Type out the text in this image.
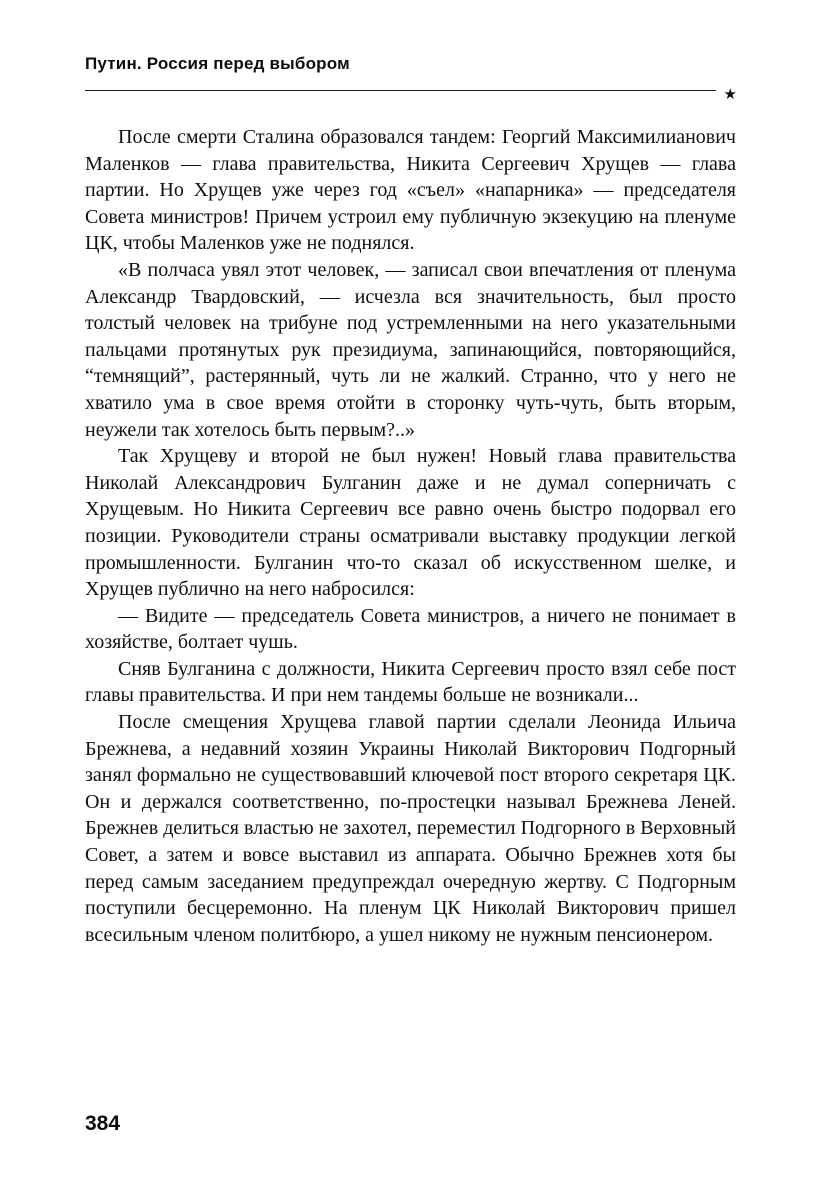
Путин. Россия перед выбором
★

После смерти Сталина образовался тандем: Георгий Максимилианович Маленков — глава правительства, Никита Сергеевич Хрущев — глава партии. Но Хрущев уже через год «съел» «напарника» — председателя Совета министров! Причем устроил ему публичную экзекуцию на пленуме ЦК, чтобы Маленков уже не поднялся.

«В полчаса увял этот человек, — записал свои впечатления от пленума Александр Твардовский, — исчезла вся значительность, был просто толстый человек на трибуне под устремленными на него указательными пальцами протянутых рук президиума, запинающийся, повторяющийся, “темнящий”, растерянный, чуть ли не жалкий. Странно, что у него не хватило ума в свое время отойти в сторонку чуть-чуть, быть вторым, неужели так хотелось быть первым?..»

Так Хрущеву и второй не был нужен! Новый глава правительства Николай Александрович Булганин даже и не думал соперничать с Хрущевым. Но Никита Сергеевич все равно очень быстро подорвал его позиции. Руководители страны осматривали выставку продукции легкой промышленности. Булганин что-то сказал об искусственном шелке, и Хрущев публично на него набросился:

— Видите — председатель Совета министров, а ничего не понимает в хозяйстве, болтает чушь.

Сняв Булганина с должности, Никита Сергеевич просто взял себе пост главы правительства. И при нем тандемы больше не возникали...

После смещения Хрущева главой партии сделали Леонида Ильича Брежнева, а недавний хозяин Украины Николай Викторович Подгорный занял формально не существовавший ключевой пост второго секретаря ЦК. Он и держался соответственно, по-простецки называл Брежнева Леней. Брежнев делиться властью не захотел, переместил Подгорного в Верховный Совет, а затем и вовсе выставил из аппарата. Обычно Брежнев хотя бы перед самым заседанием предупреждал очередную жертву. С Подгорным поступили бесцеремонно. На пленум ЦК Николай Викторович пришел всесильным членом политбюро, а ушел никому не нужным пенсионером.

384
